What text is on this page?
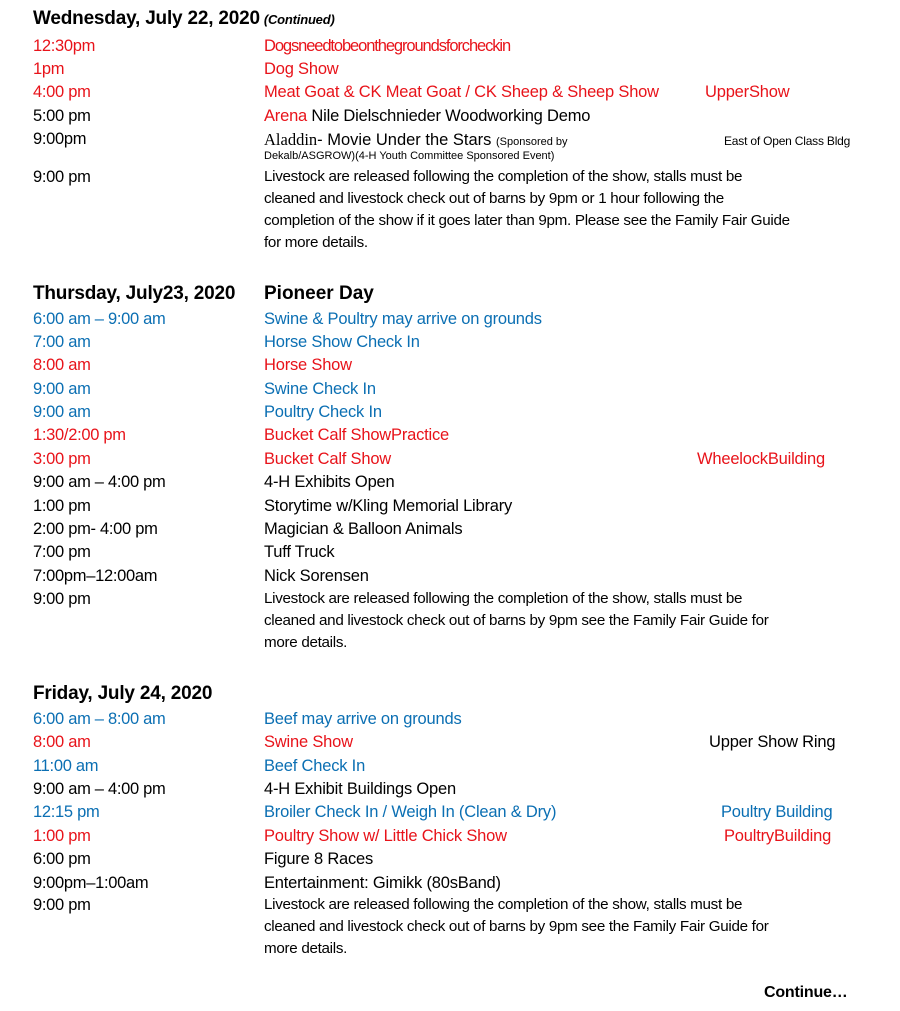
Wednesday, July 22, 2020 (Continued)
12:30pm	Dogsneedtobeonthegroundsforcheckin
1pm	Dog Show
4:00 pm	Meat Goat & CK Meat Goat / CK Sheep & Sheep Show	UpperShow
5:00 pm	Arena Nile Dielschnieder Woodworking Demo
9:00pm	Aladdin- Movie Under the Stars (Sponsored by	East of Open Class Bldg
Dekalb/ASGROW)(4-H Youth Committee Sponsored Event)
9:00 pm	Livestock are released following the completion of the show, stalls must be
cleaned and livestock check out of barns by 9pm or 1 hour following the
completion of the show if it goes later than 9pm. Please see the Family Fair Guide
for more details.
Thursday, July23, 2020 Pioneer Day
6:00 am – 9:00 am	Swine & Poultry may arrive on grounds
7:00 am	Horse Show Check In
8:00 am	Horse Show
9:00 am	Swine Check In
9:00 am	Poultry Check In
1:30/2:00 pm	Bucket Calf ShowPractice
3:00 pm	Bucket Calf Show	WheelockBuilding
9:00 am – 4:00 pm	4-H Exhibits Open
1:00 pm	Storytime w/Kling Memorial Library
2:00 pm- 4:00 pm	Magician & Balloon Animals
7:00 pm	Tuff Truck
7:00pm–12:00am	Nick Sorensen
9:00 pm	Livestock are released following the completion of the show, stalls must be
cleaned and livestock check out of barns by 9pm see the Family Fair Guide for
more details.
Friday, July 24, 2020
6:00 am – 8:00 am	Beef may arrive on grounds
8:00 am	Swine Show	Upper Show Ring
11:00 am	Beef Check In
9:00 am – 4:00 pm	4-H Exhibit Buildings Open
12:15 pm	Broiler Check In / Weigh In (Clean & Dry)	Poultry Building
1:00 pm	Poultry Show w/ Little Chick Show	PoultryBuilding
6:00 pm	Figure 8 Races
9:00pm–1:00am	Entertainment: Gimikk (80sBand)
9:00 pm	Livestock are released following the completion of the show, stalls must be
cleaned and livestock check out of barns by 9pm see the Family Fair Guide for
more details.
Continue…
